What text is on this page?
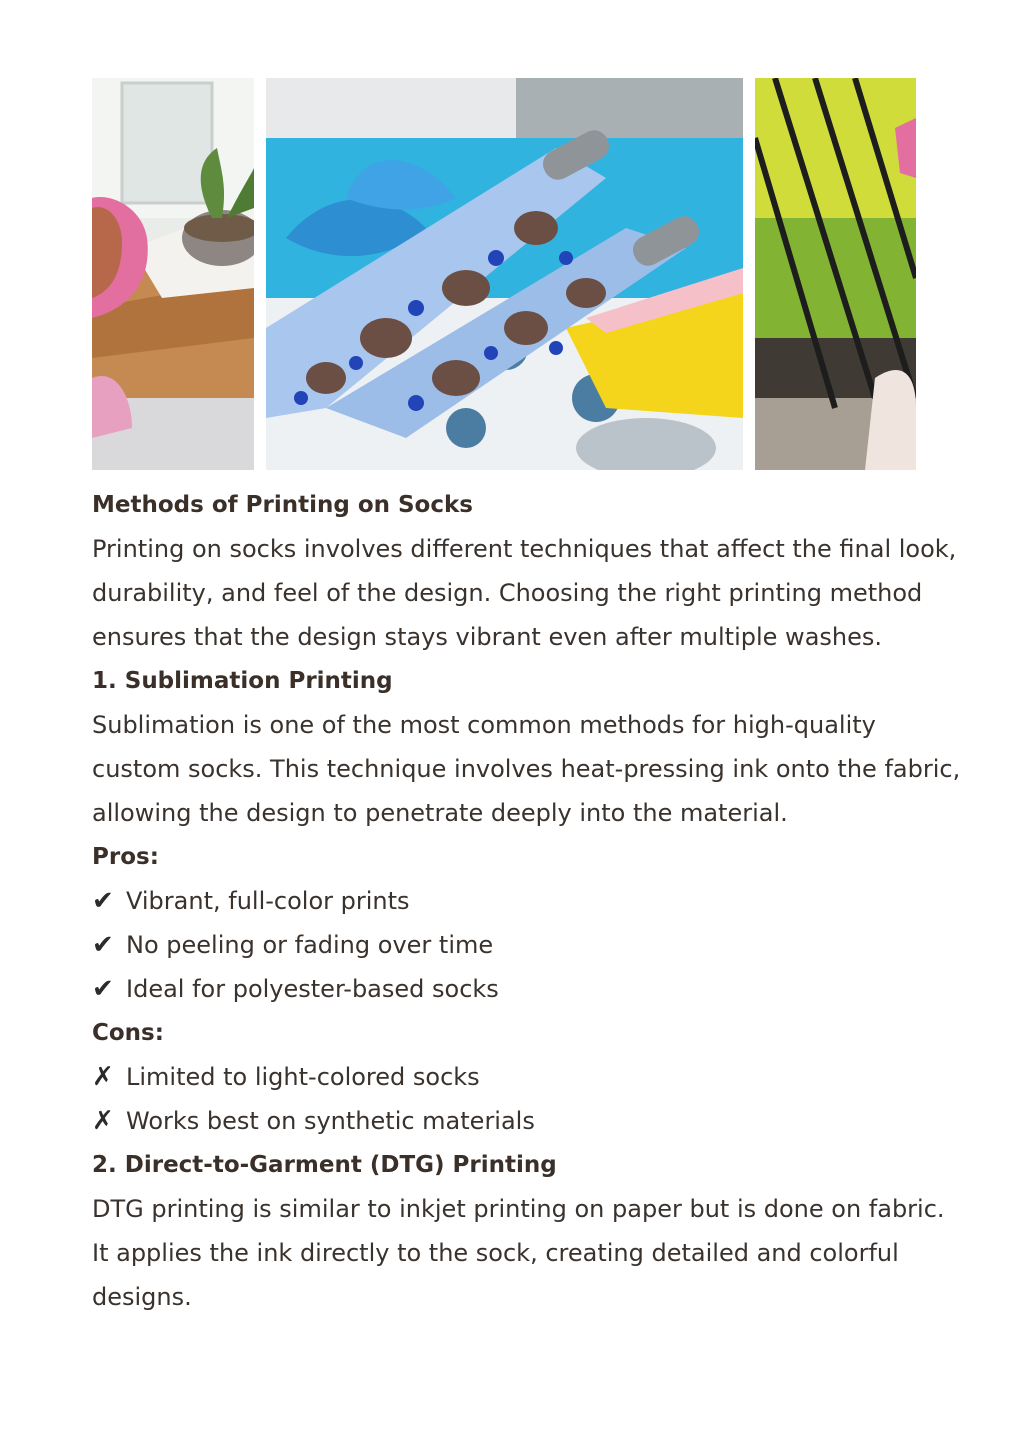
Methods of Printing on Socks
Printing on socks involves different techniques that affect the final look,
durability, and feel of the design. Choosing the right printing method
ensures that the design stays vibrant even after multiple washes.
1. Sublimation Printing
Sublimation is one of the most common methods for high-quality
custom socks. This technique involves heat-pressing ink onto the fabric,
allowing the design to penetrate deeply into the material.
Pros:
✔ Vibrant, full-color prints
✔ No peeling or fading over time
✔ Ideal for polyester-based socks
Cons:
✗ Limited to light-colored socks
✗ Works best on synthetic materials
2. Direct-to-Garment (DTG) Printing
DTG printing is similar to inkjet printing on paper but is done on fabric.
It applies the ink directly to the sock, creating detailed and colorful
designs.
